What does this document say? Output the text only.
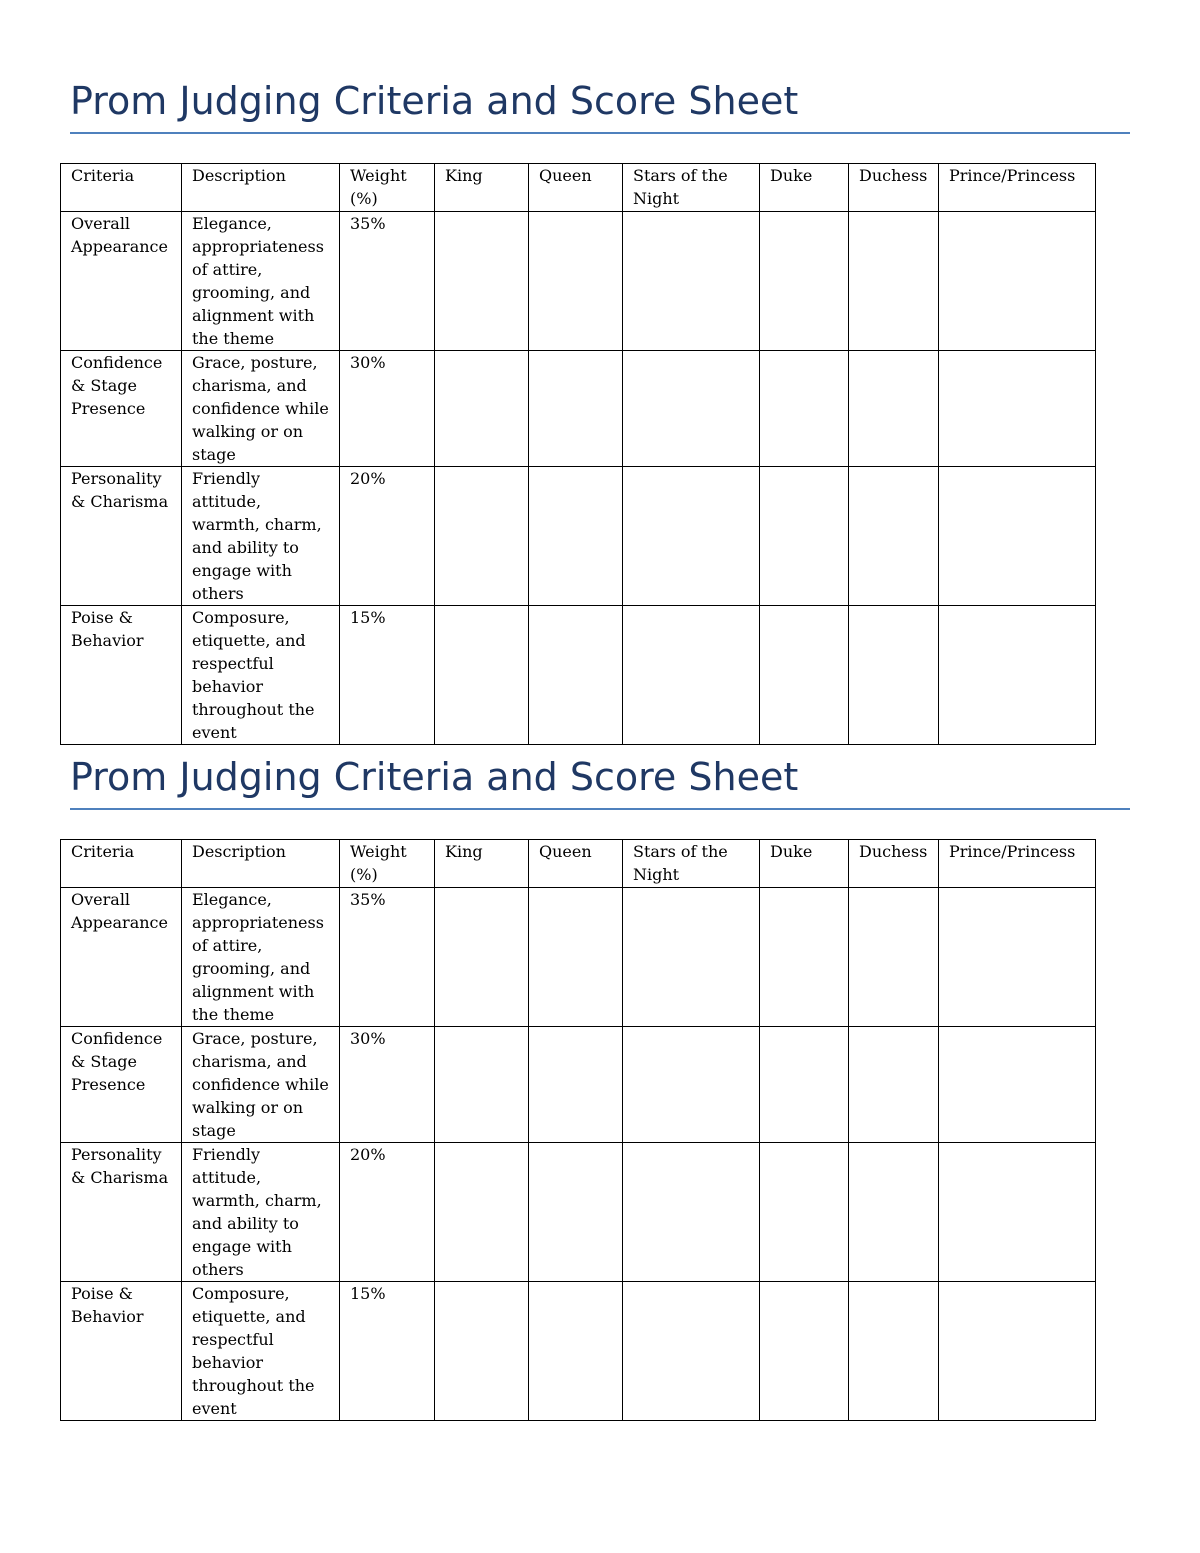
Prom Judging Criteria and Score Sheet
Criteria	Description	Weight (%)	King	Queen	Stars of the Night	Duke	Duchess	Prince/Princess
Overall Appearance	Elegance, appropriateness of attire, grooming, and alignment with the theme	35%						
Confidence & Stage Presence	Grace, posture, charisma, and confidence while walking or on stage	30%						
Personality & Charisma	Friendly attitude, warmth, charm, and ability to engage with others	20%						
Poise & Behavior	Composure, etiquette, and respectful behavior throughout the event	15%						
Prom Judging Criteria and Score Sheet
Criteria	Description	Weight (%)	King	Queen	Stars of the Night	Duke	Duchess	Prince/Princess
Overall Appearance	Elegance, appropriateness of attire, grooming, and alignment with the theme	35%						
Confidence & Stage Presence	Grace, posture, charisma, and confidence while walking or on stage	30%						
Personality & Charisma	Friendly attitude, warmth, charm, and ability to engage with others	20%						
Poise & Behavior	Composure, etiquette, and respectful behavior throughout the event	15%						
